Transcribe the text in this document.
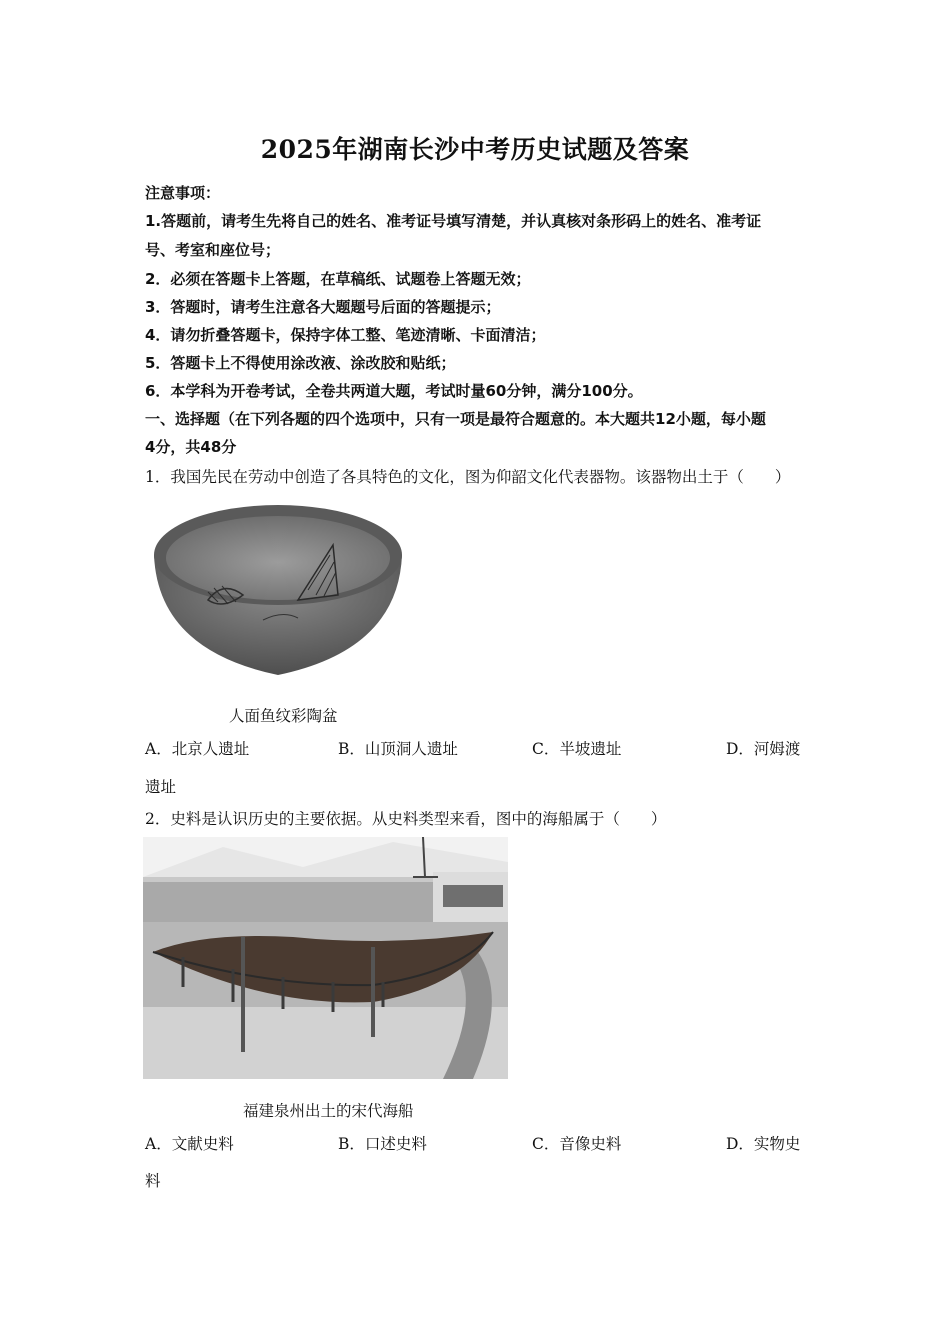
2025年湖南长沙中考历史试题及答案
注意事项：
1.答题前，请考生先将自己的姓名、准考证号填写清楚，并认真核对条形码上的姓名、准考证
号、考室和座位号；
2．必须在答题卡上答题，在草稿纸、试题卷上答题无效；
3．答题时，请考生注意各大题题号后面的答题提示；
4．请勿折叠答题卡，保持字体工整、笔迹清晰、卡面清洁；
5．答题卡上不得使用涂改液、涂改胶和贴纸；
6．本学科为开卷考试，全卷共两道大题，考试时量60分钟，满分100分。
一、选择题（在下列各题的四个选项中，只有一项是最符合题意的。本大题共12小题，每小题
4分，共48分
1．我国先民在劳动中创造了各具特色的文化，图为仰韶文化代表器物。该器物出土于（　　）
人面鱼纹彩陶盆
A．北京人遗址	B．山顶洞人遗址	C．半坡遗址	D．河姆渡
遗址
2．史料是认识历史的主要依据。从史料类型来看，图中的海船属于（　　）
福建泉州出土的宋代海船
A．文献史料	B．口述史料	C．音像史料	D．实物史
料
